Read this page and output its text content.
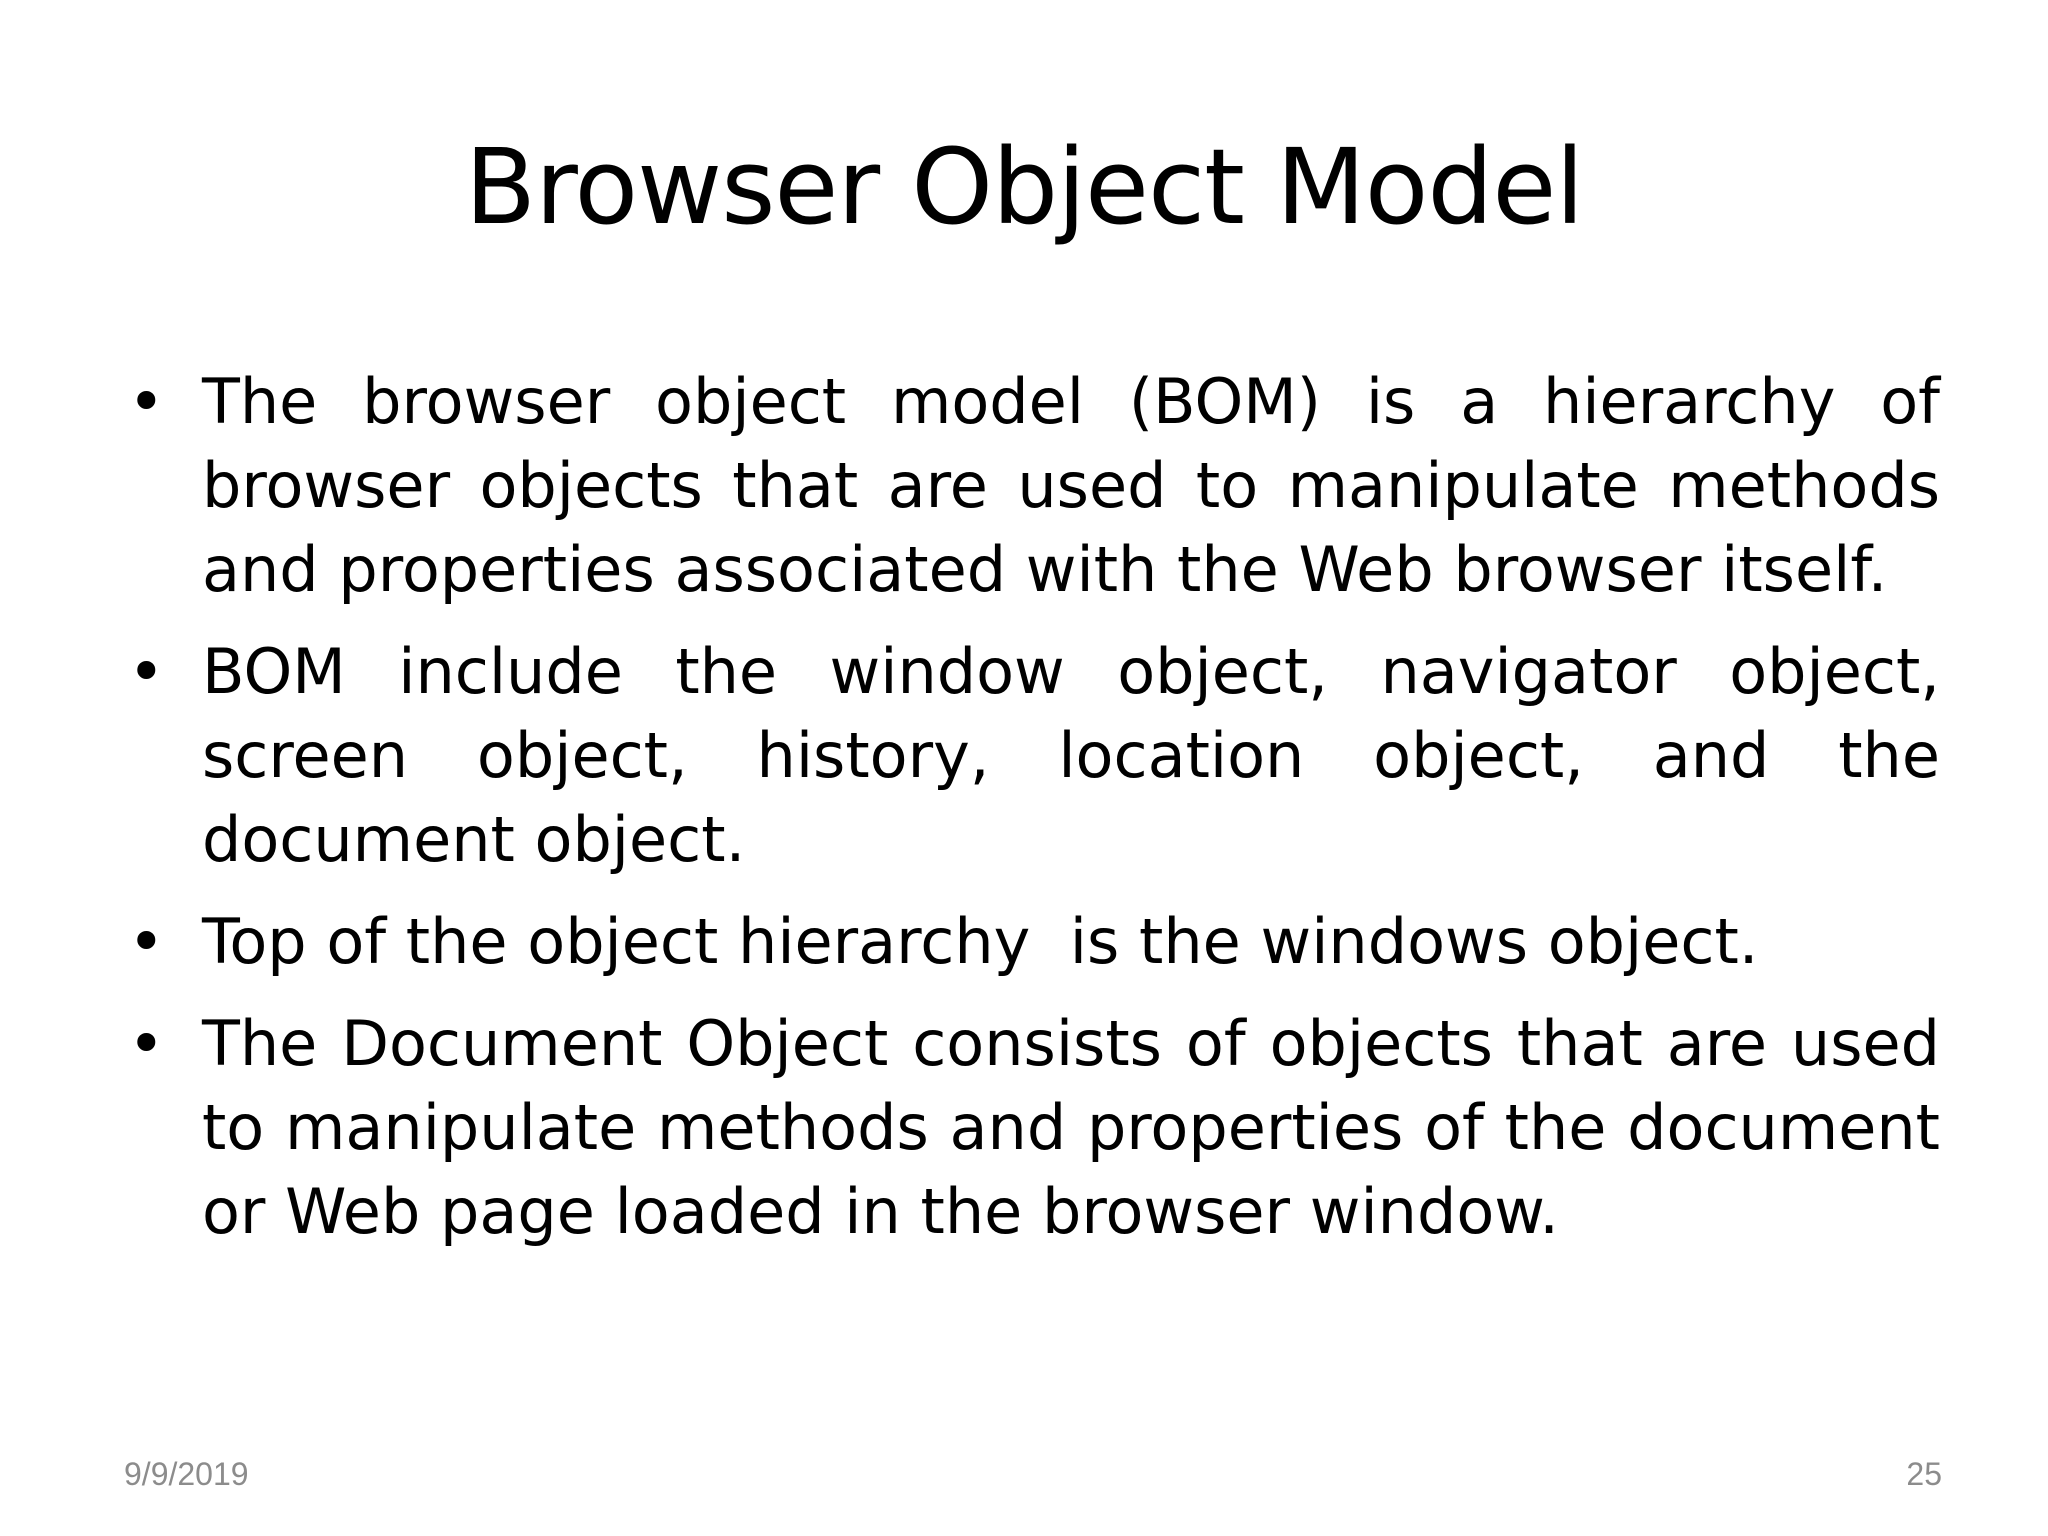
Browser Object Model
• The browser object model (BOM) is a hierarchy of browser objects that are used to manipulate methods and properties associated with the Web browser itself.
• BOM include the window object, navigator object, screen object, history, location object, and the document object.
• Top of the object hierarchy  is the windows object.
• The Document Object consists of objects that are used to manipulate methods and properties of the document or Web page loaded in the browser window.
9/9/2019	25
